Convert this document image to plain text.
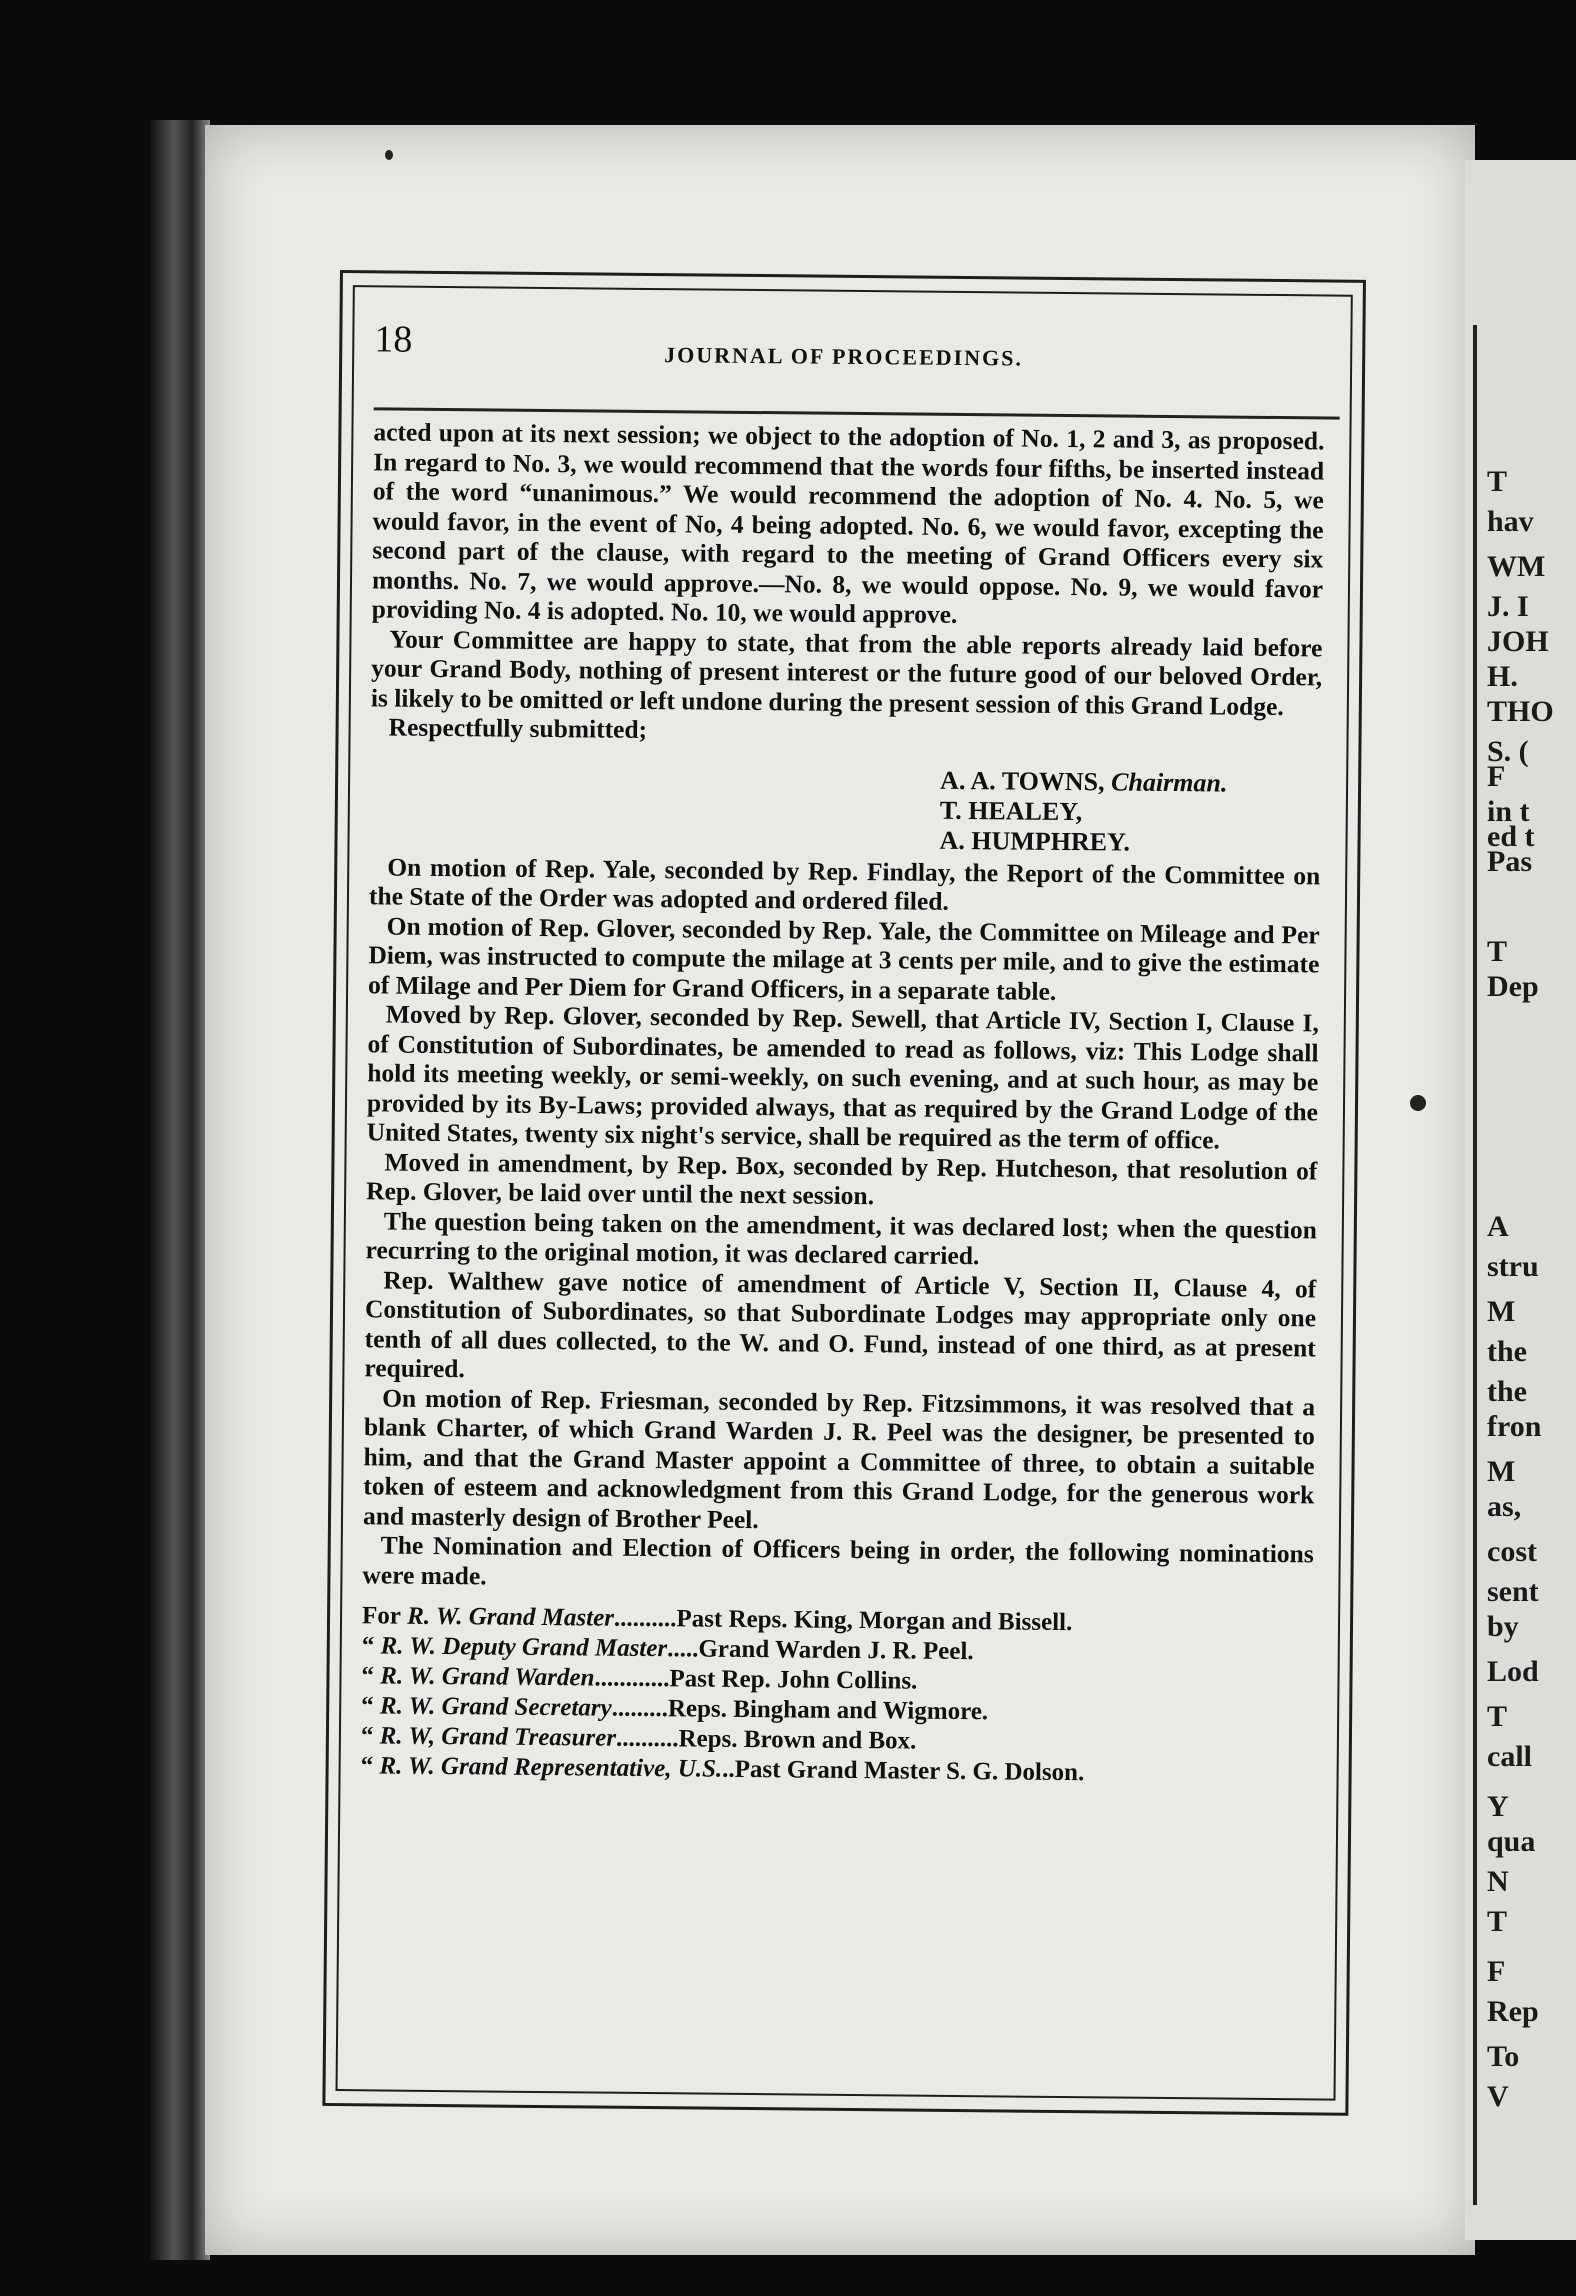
T
hav
WM
J. I
JOH
H.
THO
S. (
F
in t
ed t
Pas
T
Dep
A
stru
M
the
the
fron
M
as,
cost
sent
by
Lod
T
call
Y
qua
N
T
F
Rep
To
V
18	JOURNAL OF PROCEEDINGS.

acted upon at its next session; we object to the adoption of No. 1, 2 and 3, as proposed. In regard to No. 3, we would recommend that the words four fifths, be inserted instead of the word “unanimous.” We would recommend the adoption of No. 4. No. 5, we would favor, in the event of No, 4 being adopted. No. 6, we would favor, excepting the second part of the clause, with regard to the meeting of Grand Officers every six months. No. 7, we would approve.—No. 8, we would oppose. No. 9, we would favor providing No. 4 is adopted. No. 10, we would approve.

Your Committee are happy to state, that from the able reports already laid before your Grand Body, nothing of present interest or the future good of our beloved Order, is likely to be omitted or left undone during the present session of this Grand Lodge.

Respectfully submitted;

A. A. TOWNS, Chairman.
T. HEALEY,
A. HUMPHREY.

On motion of Rep. Yale, seconded by Rep. Findlay, the Report of the Committee on the State of the Order was adopted and ordered filed.

On motion of Rep. Glover, seconded by Rep. Yale, the Committee on Mileage and Per Diem, was instructed to compute the milage at 3 cents per mile, and to give the estimate of Milage and Per Diem for Grand Officers, in a separate table.

Moved by Rep. Glover, seconded by Rep. Sewell, that Article IV, Section I, Clause I, of Constitution of Subordinates, be amended to read as follows, viz: This Lodge shall hold its meeting weekly, or semi-weekly, on such evening, and at such hour, as may be provided by its By-Laws; provided always, that as required by the Grand Lodge of the United States, twenty six night's service, shall be required as the term of office.

Moved in amendment, by Rep. Box, seconded by Rep. Hutcheson, that resolution of Rep. Glover, be laid over until the next session.

The question being taken on the amendment, it was declared lost; when the question recurring to the original motion, it was declared carried.

Rep. Walthew gave notice of amendment of Article V, Section II, Clause 4, of Constitution of Subordinates, so that Subordinate Lodges may appropriate only one tenth of all dues collected, to the W. and O. Fund, instead of one third, as at present required.

On motion of Rep. Friesman, seconded by Rep. Fitzsimmons, it was resolved that a blank Charter, of which Grand Warden J. R. Peel was the designer, be presented to him, and that the Grand Master appoint a Committee of three, to obtain a suitable token of esteem and acknowledgment from this Grand Lodge, for the generous work and masterly design of Brother Peel.

The Nomination and Election of Officers being in order, the following nominations were made.

For
R. W. Grand Master .......... Past Reps. King, Morgan and Bissell.
“
R. W. Deputy Grand Master ..... Grand Warden J. R. Peel.
“
R. W. Grand Warden ............ Past Rep. John Collins.
“
R. W. Grand Secretary ......... Reps. Bingham and Wigmore.
“
R. W, Grand Treasurer .......... Reps. Brown and Box.
“
R. W. Grand Representative, U.S. .. Past Grand Master S. G. Dolson.
